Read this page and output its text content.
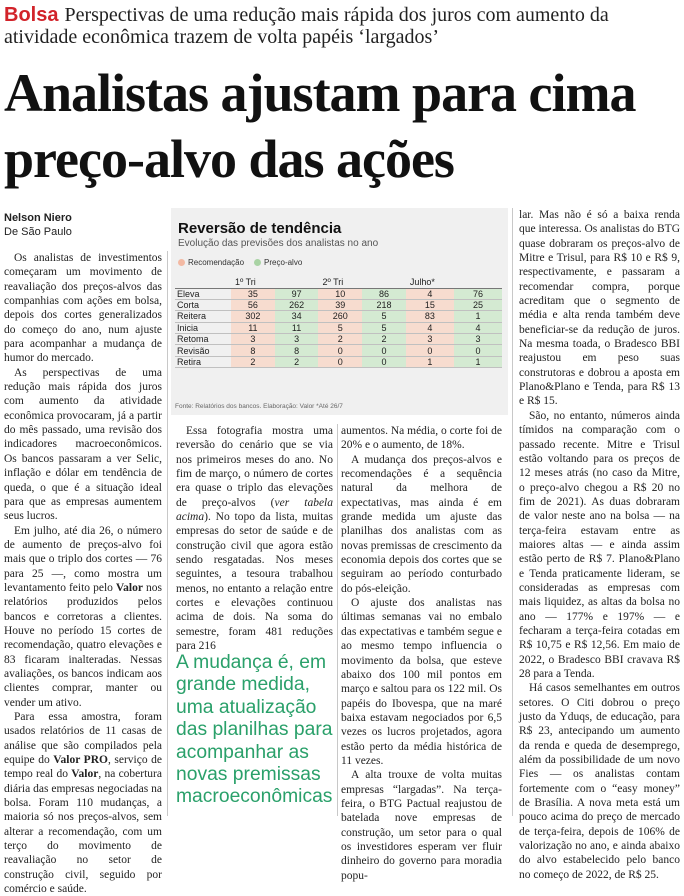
Bolsa Perspectivas de uma redução mais rápida dos juros com aumento da atividade econômica trazem de volta papéis ‘largados’
Analistas ajustam para cima preço-alvo das ações
Nelson Niero
De São Paulo

Os analistas de investimentos começaram um movimento de reavaliação dos preços-alvos das companhias com ações em bolsa, depois dos cortes generalizados do começo do ano, num ajuste para acompanhar a mudança de humor do mercado.

As perspectivas de uma redução mais rápida dos juros com aumento da atividade econômica provocaram, já a partir do mês passado, uma revisão dos indicadores macroeconômicos. Os bancos passaram a ver Selic, inflação e dólar em tendência de queda, o que é a situação ideal para que as empresas aumentem seus lucros.

Em julho, até dia 26, o número de aumento de preços-alvo foi mais que o triplo dos cortes — 76 para 25 —, como mostra um levantamento feito pelo Valor nos relatórios produzidos pelos bancos e corretoras a clientes. Houve no período 15 cortes de recomendação, quatro elevações e 83 ficaram inalteradas. Nessas avaliações, os bancos indicam aos clientes comprar, manter ou vender um ativo.

Para essa amostra, foram usados relatórios de 11 casas de análise que são compilados pela equipe do Valor PRO, serviço de tempo real do Valor, na cobertura diária das empresas negociadas na bolsa. Foram 110 mudanças, a maioria só nos preços-alvos, sem alterar a recomendação, com um terço do movimento de reavaliação no setor de construção civil, seguido por comércio e saúde.

Reversão de tendência
Evolução das previsões dos analistas no ano
Recomendação	Preço-alvo
	1º Tri		2º Tri		Julho*	
Eleva	35	97	10	86	4	76
Corta	56	262	39	218	15	25
Reitera	302	34	260	5	83	1
Inicia	11	11	5	5	4	4
Retoma	3	3	2	2	3	3
Revisão	8	8	0	0	0	0
Retira	2	2	0	0	1	1
Fonte: Relatórios dos bancos. Elaboração: Valor *Até 26/7

Essa fotografia mostra uma reversão do cenário que se via nos primeiros meses do ano. No fim de março, o número de cortes era quase o triplo das elevações de preço-alvos (ver tabela acima). No topo da lista, muitas empresas do setor de saúde e de construção civil que agora estão sendo resgatadas. Nos meses seguintes, a tesoura trabalhou menos, no entanto a relação entre cortes e elevações continuou acima de dois. Na soma do semestre, foram 481 reduções para 216

A mudança é, em grande medida, uma atualização das planilhas para acompanhar as novas premissas macroeconômicas

aumentos. Na média, o corte foi de 20% e o aumento, de 18%.

A mudança dos preços-alvos e recomendações é a sequência natural da melhora de expectativas, mas ainda é em grande medida um ajuste das planilhas dos analistas com as novas premissas de crescimento da economia depois dos cortes que se seguiram ao período conturbado do pós-eleição.

O ajuste dos analistas nas últimas semanas vai no embalo das expectativas e também segue e ao mesmo tempo influencia o movimento da bolsa, que esteve abaixo dos 100 mil pontos em março e saltou para os 122 mil. Os papéis do Ibovespa, que na maré baixa estavam negociados por 6,5 vezes os lucros projetados, agora estão perto da média histórica de 11 vezes.

A alta trouxe de volta muitas empresas “largadas”. Na terça-feira, o BTG Pactual reajustou de batelada nove empresas de construção, um setor para o qual os investidores esperam ver fluir dinheiro do governo para moradia popu-

lar. Mas não é só a baixa renda que interessa. Os analistas do BTG quase dobraram os preços-alvo de Mitre e Trisul, para R$ 10 e R$ 9, respectivamente, e passaram a recomendar compra, porque acreditam que o segmento de média e alta renda também deve beneficiar-se da redução de juros. Na mesma toada, o Bradesco BBI reajustou em peso suas construtoras e dobrou a aposta em Plano&Plano e Tenda, para R$ 13 e R$ 15.

São, no entanto, números ainda tímidos na comparação com o passado recente. Mitre e Trisul estão voltando para os preços de 12 meses atrás (no caso da Mitre, o preço-alvo chegou a R$ 20 no fim de 2021). As duas dobraram de valor neste ano na bolsa — na terça-feira estavam entre as maiores altas — e ainda assim estão perto de R$ 7. Plano&Plano e Tenda praticamente lideram, se consideradas as empresas com mais liquidez, as altas da bolsa no ano — 177% e 197% — e fecharam a terça-feira cotadas em R$ 10,75 e R$ 12,56. Em maio de 2022, o Bradesco BBI cravava R$ 28 para a Tenda.

Há casos semelhantes em outros setores. O Citi dobrou o preço justo da Yduqs, de educação, para R$ 23, antecipando um aumento da renda e queda de desemprego, além da possibilidade de um novo Fies — os analistas contam fortemente com o “easy money” de Brasília. A nova meta está um pouco acima do preço de mercado de terça-feira, depois de 106% de valorização no ano, e ainda abaixo do alvo estabelecido pelo banco no começo de 2022, de R$ 25.
